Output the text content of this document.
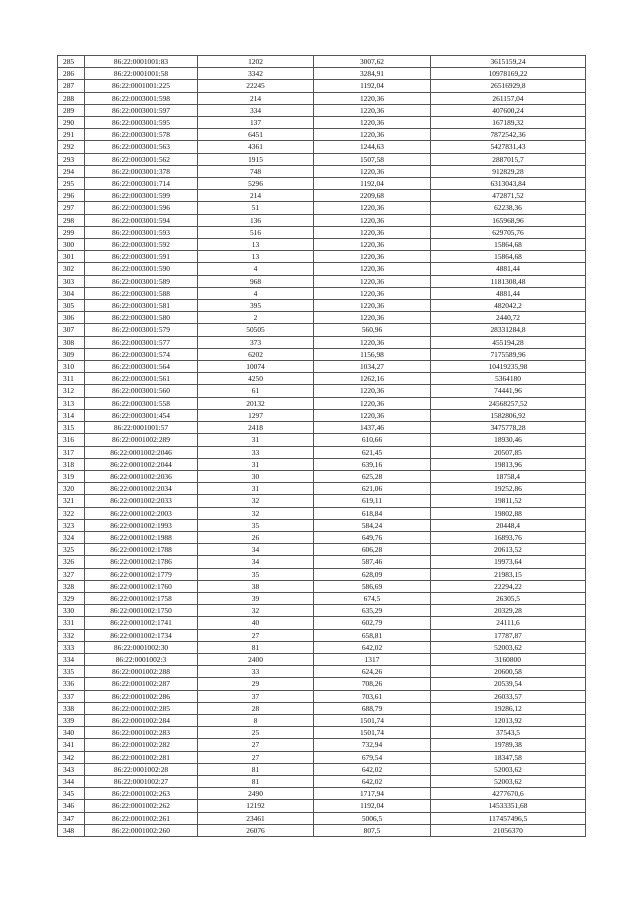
285	86:22:0001001:83	1202	3007,62	3615159,24
286	86:22:0001001:58	3342	3284,91	10978169,22
287	86:22:0001001:225	22245	1192,04	26516929,8
288	86:22:0003001:598	214	1220,36	261157,04
289	86:22:0003001:597	334	1220,36	407600,24
290	86:22:0003001:595	137	1220,36	167189,32
291	86:22:0003001:578	6451	1220,36	7872542,36
292	86:22:0003001:563	4361	1244,63	5427831,43
293	86:22:0003001:562	1915	1507,58	2887015,7
294	86:22:0003001:378	748	1220,36	912829,28
295	86:22:0003001:714	5296	1192,04	6313043,84
296	86:22:0003001:599	214	2209,68	472871,52
297	86:22:0003001:596	51	1220,36	62238,36
298	86:22:0003001:594	136	1220,36	165968,96
299	86:22:0003001:593	516	1220,36	629705,76
300	86:22:0003001:592	13	1220,36	15864,68
301	86:22:0003001:591	13	1220,36	15864,68
302	86:22:0003001:590	4	1220,36	4881,44
303	86:22:0003001:589	968	1220,36	1181308,48
304	86:22:0003001:588	4	1220,36	4881,44
305	86:22:0003001:581	395	1220,36	482042,2
306	86:22:0003001:580	2	1220,36	2440,72
307	86:22:0003001:579	50505	560,96	28331284,8
308	86:22:0003001:577	373	1220,36	455194,28
309	86:22:0003001:574	6202	1156,98	7175589,96
310	86:22:0003001:564	10074	1034,27	10419235,98
311	86:22:0003001:561	4250	1262,16	5364180
312	86:22:0003001:560	61	1220,36	74441,96
313	86:22:0003001:558	20132	1220,36	24568257,52
314	86:22:0003001:454	1297	1220,36	1582806,92
315	86:22:0001001:57	2418	1437,46	3475778,28
316	86:22:0001002:289	31	610,66	18930,46
317	86:22:0001002:2046	33	621,45	20507,85
318	86:22:0001002:2044	31	639,16	19813,96
319	86:22:0001002:2036	30	625,28	18758,4
320	86:22:0001002:2034	31	621,06	19252,86
321	86:22:0001002:2033	32	619,11	19811,52
322	86:22:0001002:2003	32	618,84	19802,88
323	86:22:0001002:1993	35	584,24	20448,4
324	86:22:0001002:1988	26	649,76	16893,76
325	86:22:0001002:1788	34	606,28	20613,52
326	86:22:0001002:1786	34	587,46	19973,64
327	86:22:0001002:1779	35	628,09	21983,15
328	86:22:0001002:1760	38	586,69	22294,22
329	86:22:0001002:1758	39	674,5	26305,5
330	86:22:0001002:1750	32	635,29	20329,28
331	86:22:0001002:1741	40	602,79	24111,6
332	86:22:0001002:1734	27	658,81	17787,87
333	86:22:0001002:30	81	642,02	52003,62
334	86:22:0001002:3	2400	1317	3160800
335	86:22:0001002:288	33	624,26	20600,58
336	86:22:0001002:287	29	708,26	20539,54
337	86:22:0001002:286	37	703,61	26033,57
338	86:22:0001002:285	28	688,79	19286,12
339	86:22:0001002:284	8	1501,74	12013,92
340	86:22:0001002:283	25	1501,74	37543,5
341	86:22:0001002:282	27	732,94	19789,38
342	86:22:0001002:281	27	679,54	18347,58
343	86:22:0001002:28	81	642,02	52003,62
344	86:22:0001002:27	81	642,02	52003,62
345	86:22:0001002:263	2490	1717,94	4277670,6
346	86:22:0001002:262	12192	1192,04	14533351,68
347	86:22:0001002:261	23461	5006,5	117457496,5
348	86:22:0001002:260	26076	807,5	21056370
